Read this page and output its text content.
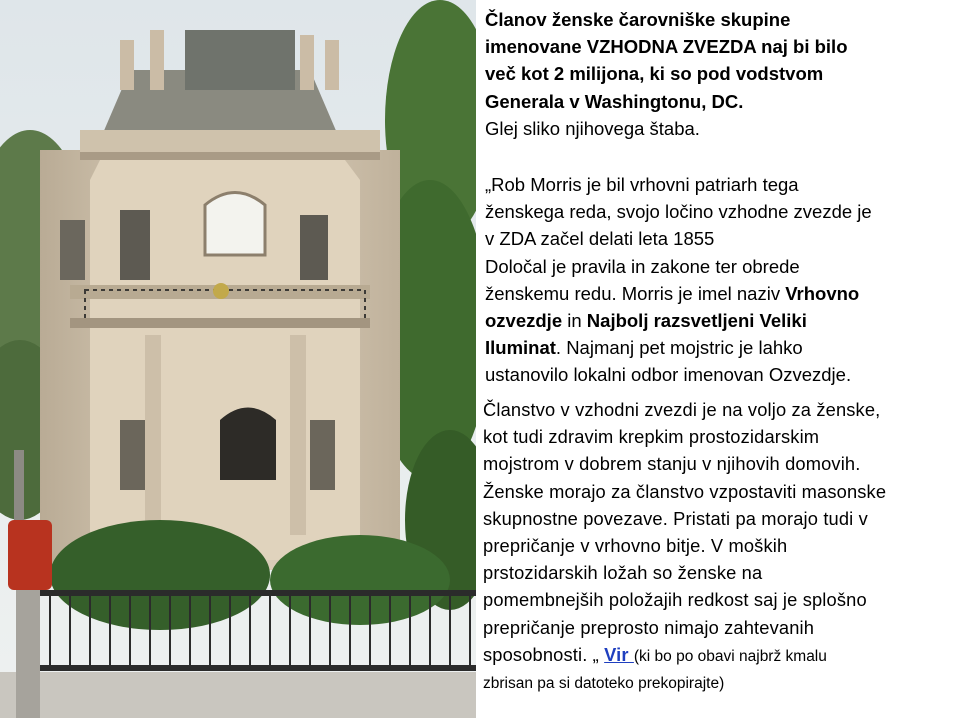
Članov ženske čarovniške skupine
imenovane VZHODNA ZVEZDA naj bi bilo
več kot 2 milijona, ki so pod vodstvom
Generala v Washingtonu, DC.
Glej sliko njihovega štaba.
„Rob Morris je bil vrhovni patriarh tega
ženskega reda, svojo ločino vzhodne zvezde je
v ZDA začel delati leta 1855
Določal je pravila in zakone ter obrede
ženskemu redu. Morris je imel naziv Vrhovno
ozvezdje in Najbolj razsvetljeni Veliki
Iluminat. Najmanj pet mojstric je lahko
ustanovilo lokalni odbor imenovan Ozvezdje.
Članstvo v vzhodni zvezdi je na voljo za ženske,
kot tudi zdravim krepkim prostozidarskim
mojstrom v dobrem stanju v njihovih domovih.
Ženske morajo za članstvo vzpostaviti masonske
skupnostne povezave. Pristati pa morajo tudi v
prepričanje v vrhovno bitje. V moških
prstozidarskih ložah so ženske na
pomembnejših položajih redkost saj je splošno
prepričanje preprosto nimajo zahtevanih
sposobnosti. „ Vir (ki bo po obavi najbrž kmalu
zbrisan pa si datoteko prekopirajte)
